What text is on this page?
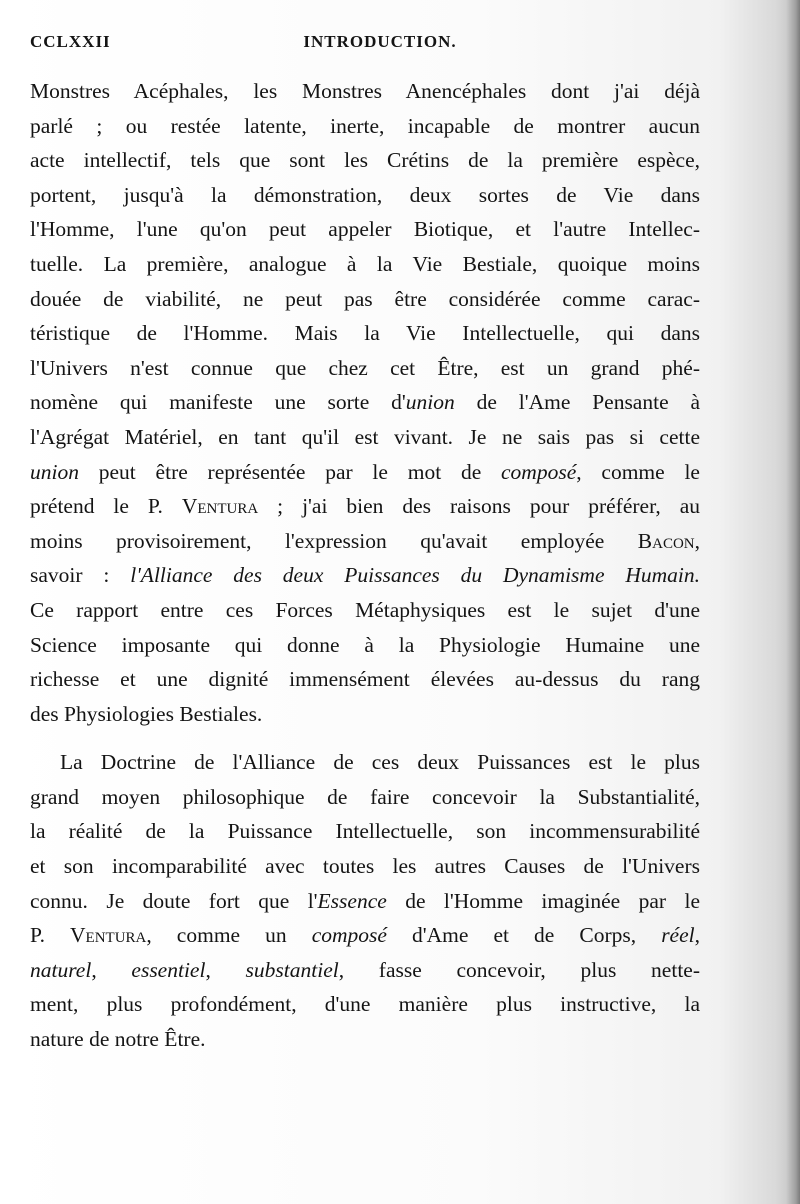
CCLXXII	INTRODUCTION.
Monstres Acéphales, les Monstres Anencéphales dont j'ai déjà
parlé ; ou restée latente, inerte, incapable de montrer aucun
acte intellectif, tels que sont les Crétins de la première espèce,
portent, jusqu'à la démonstration, deux sortes de Vie dans
l'Homme, l'une qu'on peut appeler Biotique, et l'autre Intellec-
tuelle. La première, analogue à la Vie Bestiale, quoique moins
douée de viabilité, ne peut pas être considérée comme carac-
téristique de l'Homme. Mais la Vie Intellectuelle, qui dans
l'Univers n'est connue que chez cet Être, est un grand phé-
nomène qui manifeste une sorte d'union de l'Ame Pensante à
l'Agrégat Matériel, en tant qu'il est vivant. Je ne sais pas si cette
union peut être représentée par le mot de composé, comme le
prétend le P. Ventura ; j'ai bien des raisons pour préférer, au
moins provisoirement, l'expression qu'avait employée Bacon,
savoir : l'Alliance des deux Puissances du Dynamisme Humain.
Ce rapport entre ces Forces Métaphysiques est le sujet d'une
Science imposante qui donne à la Physiologie Humaine une
richesse et une dignité immensément élevées au-dessus du rang
des Physiologies Bestiales.
La Doctrine de l'Alliance de ces deux Puissances est le plus
grand moyen philosophique de faire concevoir la Substantialité,
la réalité de la Puissance Intellectuelle, son incommensurabilité
et son incomparabilité avec toutes les autres Causes de l'Univers
connu. Je doute fort que l'Essence de l'Homme imaginée par le
P. Ventura, comme un composé d'Ame et de Corps, réel,
naturel, essentiel, substantiel, fasse concevoir, plus nette-
ment, plus profondément, d'une manière plus instructive, la
nature de notre Être.
